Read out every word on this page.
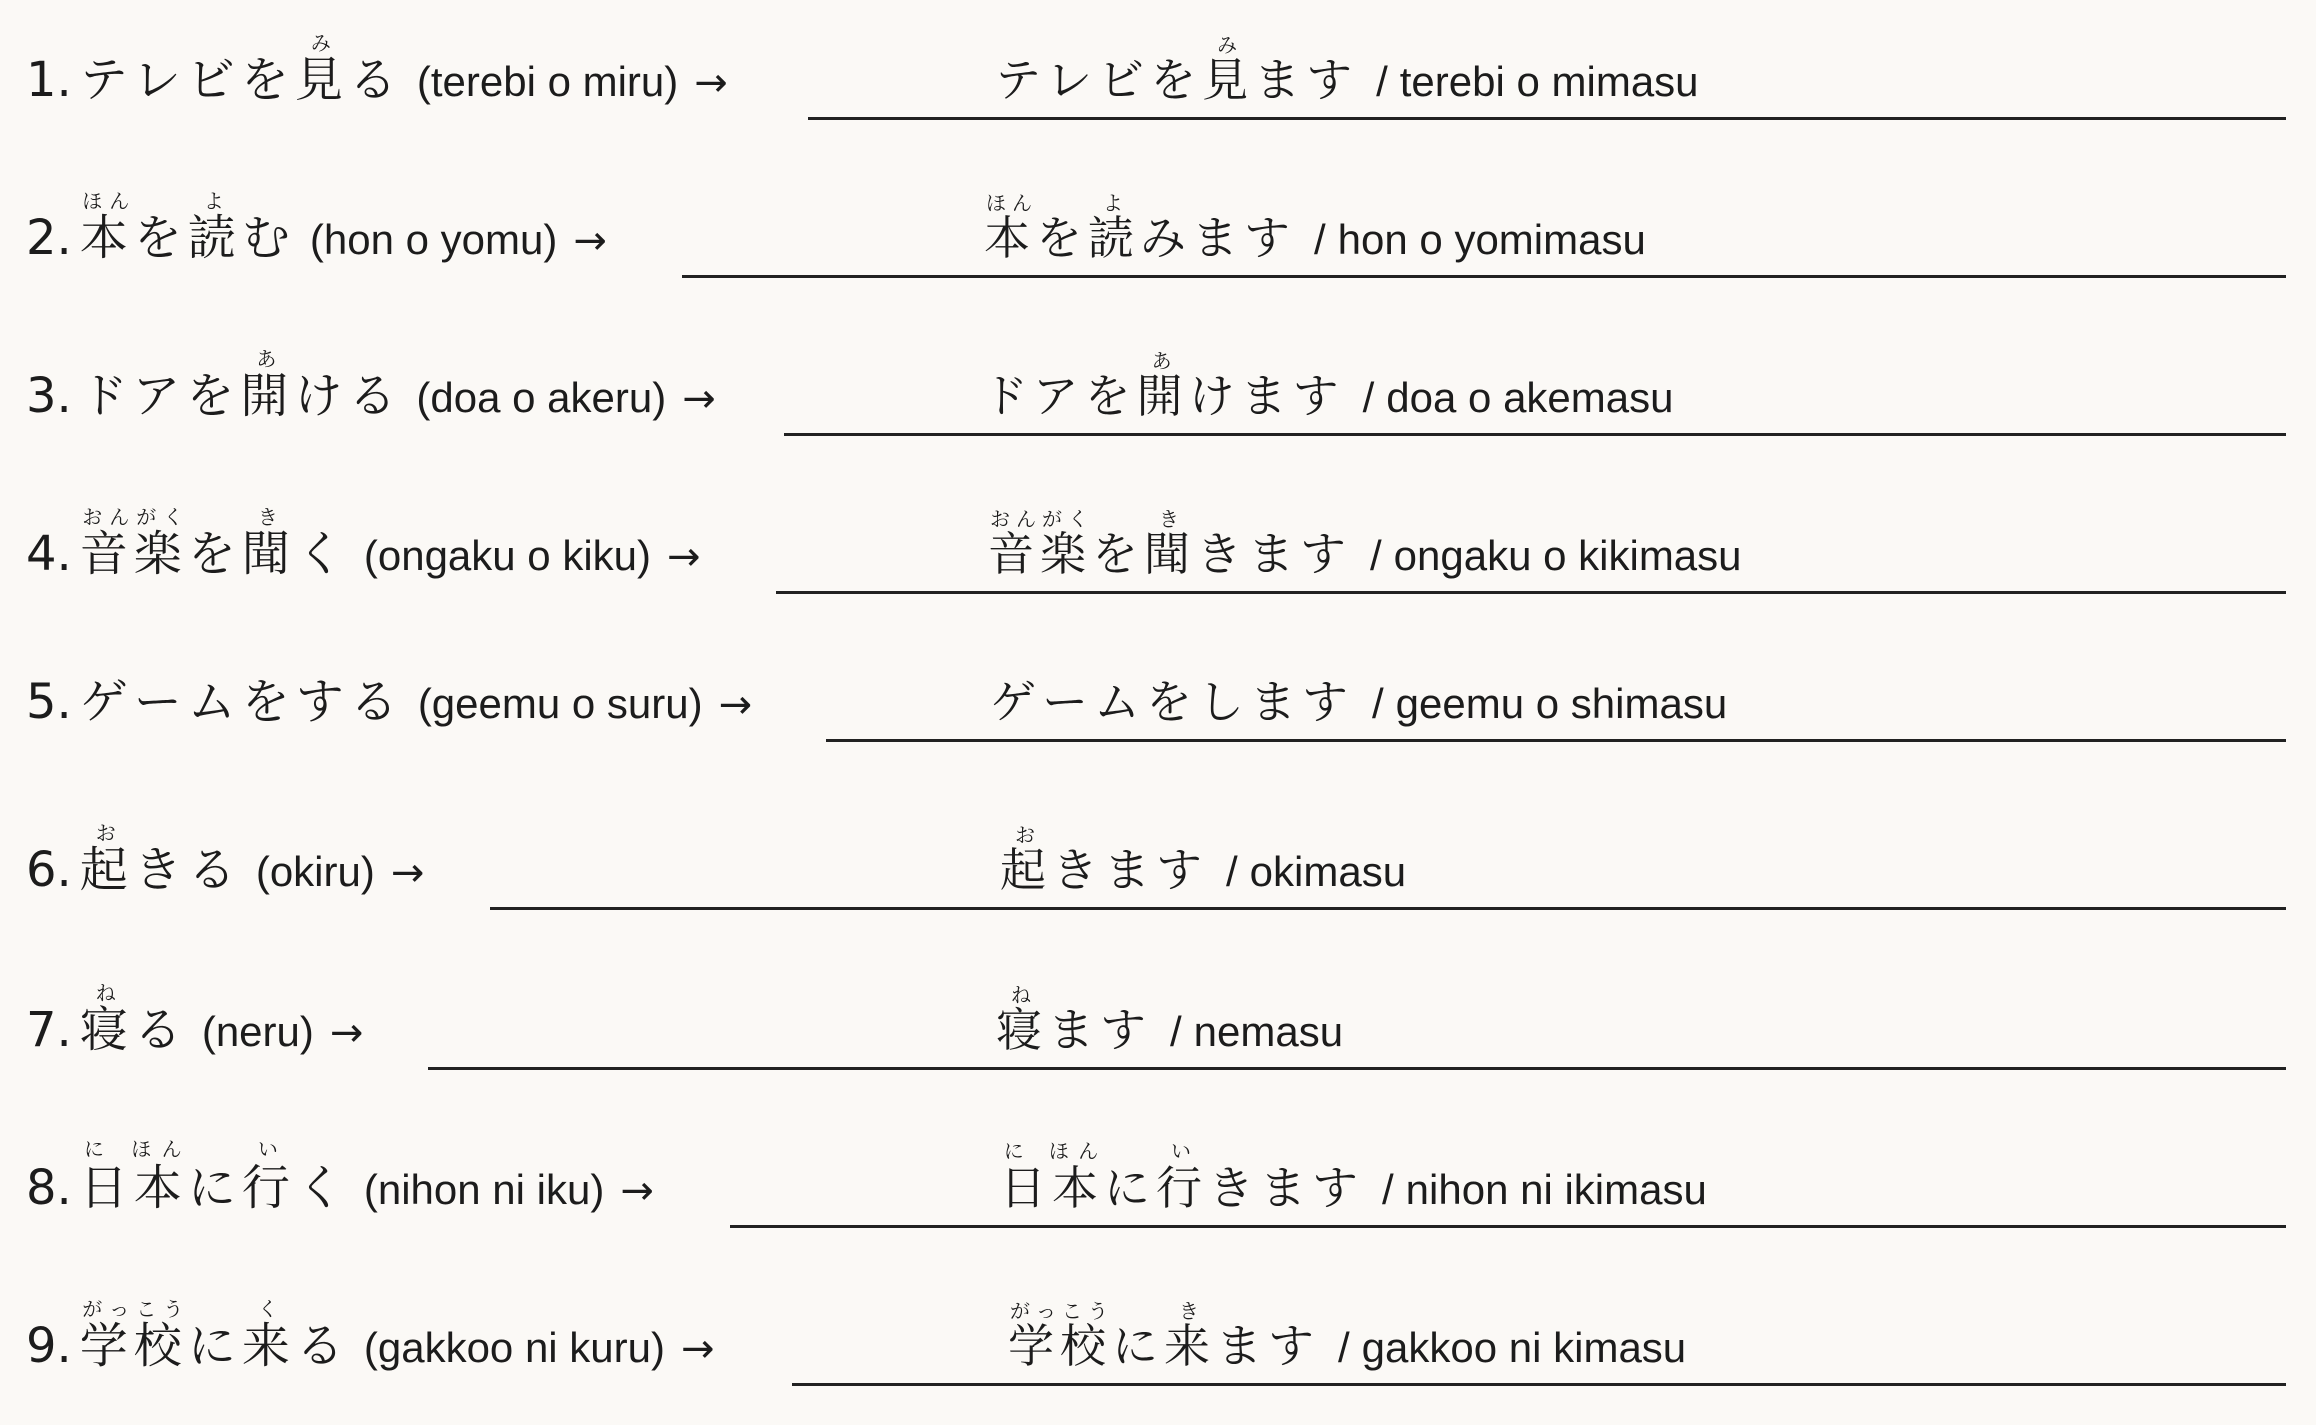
1. テレビを見みる (terebi o miru) →	テレビを見みます / terebi o mimasu
2. 本ほんを読よむ (hon o yomu) →	本ほんを読よみます / hon o yomimasu
3. ドアを開あける (doa o akeru) →	ドアを開あけます / doa o akemasu
4. 音楽おんがくを聞きく (ongaku o kiku) →	音楽おんがくを聞ききます / ongaku o kikimasu
5. ゲームをする (geemu o suru) →	ゲームをします / geemu o shimasu
6. 起おきる (okiru) →	起おきます / okimasu
7. 寝ねる (neru) →	寝ねます / nemasu
8. 日本に ほんに行いく (nihon ni iku) →	日本に ほんに行いきます / nihon ni ikimasu
9. 学校がっこうに来くる (gakkoo ni kuru) →	学校がっこうに来きます / gakkoo ni kimasu
